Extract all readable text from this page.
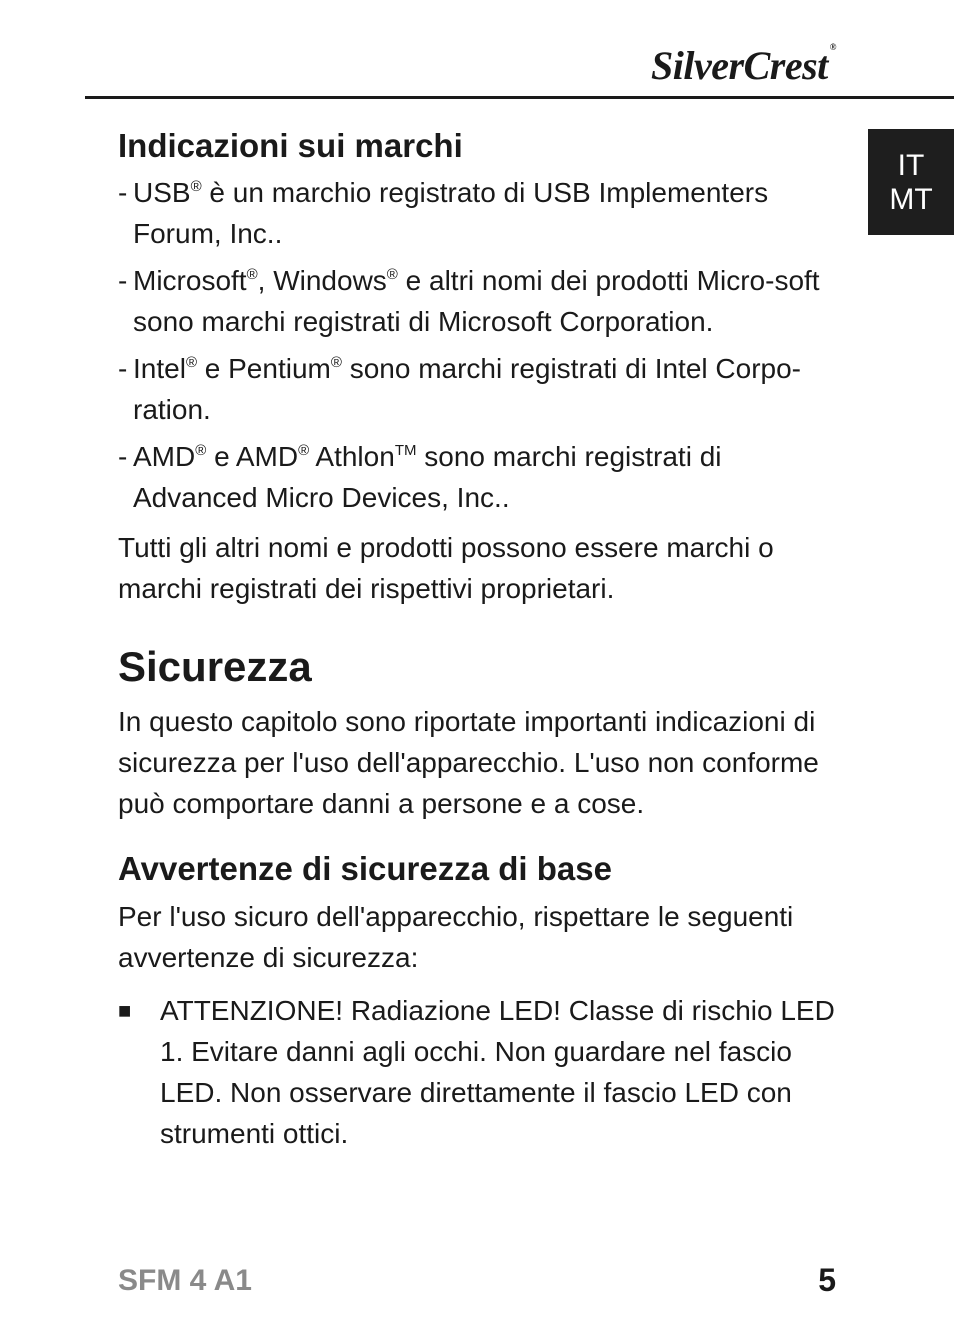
SilverCrest ®
IT
MT
Indicazioni sui marchi
- USB® è un marchio registrato di USB Implementers Forum, Inc..
- Microsoft®, Windows® e altri nomi dei prodotti Micro-soft sono marchi registrati di Microsoft Corporation.
- Intel® e Pentium® sono marchi registrati di Intel Corpo-ration.
- AMD® e AMD® Athlon™ sono marchi registrati di Advanced Micro Devices, Inc..

Tutti gli altri nomi e prodotti possono essere marchi o marchi registrati dei rispettivi proprietari.

Sicurezza

In questo capitolo sono riportate importanti indicazioni di sicurezza per l'uso dell'apparecchio. L'uso non conforme può comportare danni a persone e a cose.

Avvertenze di sicurezza di base

Per l'uso sicuro dell'apparecchio, rispettare le seguenti avvertenze di sicurezza:

■	ATTENZIONE! Radiazione LED! Classe di rischio LED 1. Evitare danni agli occhi. Non guardare nel fascio LED. Non osservare direttamente il fascio LED con strumenti ottici.
SFM 4 A1	5
